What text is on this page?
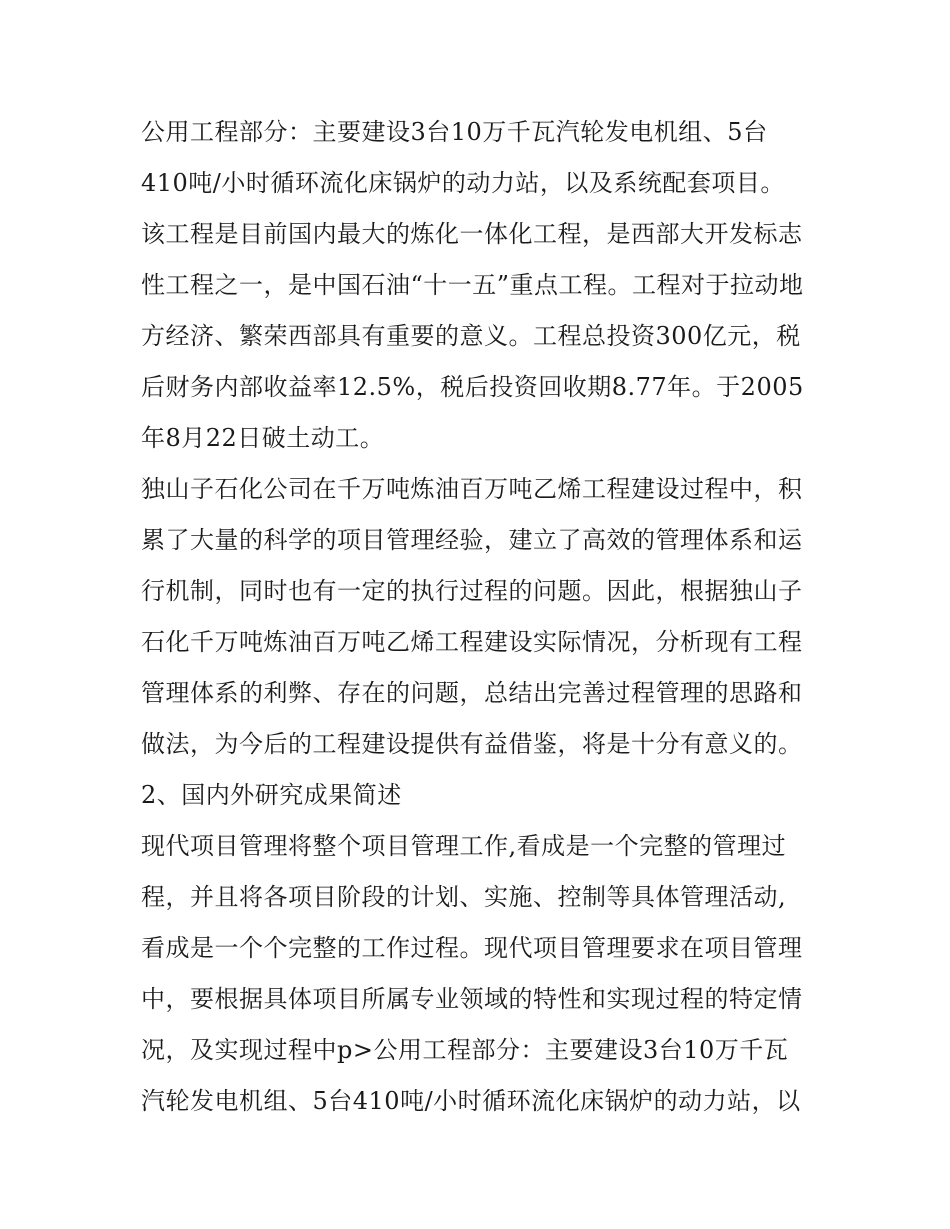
公用工程部分：主要建设3台10万千瓦汽轮发电机组、5台
410吨/小时循环流化床锅炉的动力站，以及系统配套项目。
该工程是目前国内最大的炼化一体化工程，是西部大开发标志
性工程之一，是中国石油“十一五”重点工程。工程对于拉动地
方经济、繁荣西部具有重要的意义。工程总投资300亿元，税
后财务内部收益率12.5%，税后投资回收期8.77年。于2005
年8月22日破土动工。
独山子石化公司在千万吨炼油百万吨乙烯工程建设过程中，积
累了大量的科学的项目管理经验，建立了高效的管理体系和运
行机制，同时也有一定的执行过程的问题。因此，根据独山子
石化千万吨炼油百万吨乙烯工程建设实际情况，分析现有工程
管理体系的利弊、存在的问题，总结出完善过程管理的思路和
做法，为今后的工程建设提供有益借鉴，将是十分有意义的。
2、国内外研究成果简述
现代项目管理将整个项目管理工作,看成是一个完整的管理过
程，并且将各项目阶段的计划、实施、控制等具体管理活动,
看成是一个个完整的工作过程。现代项目管理要求在项目管理
中，要根据具体项目所属专业领域的特性和实现过程的特定情
况，及实现过程中p>公用工程部分：主要建设3台10万千瓦
汽轮发电机组、5台410吨/小时循环流化床锅炉的动力站，以
